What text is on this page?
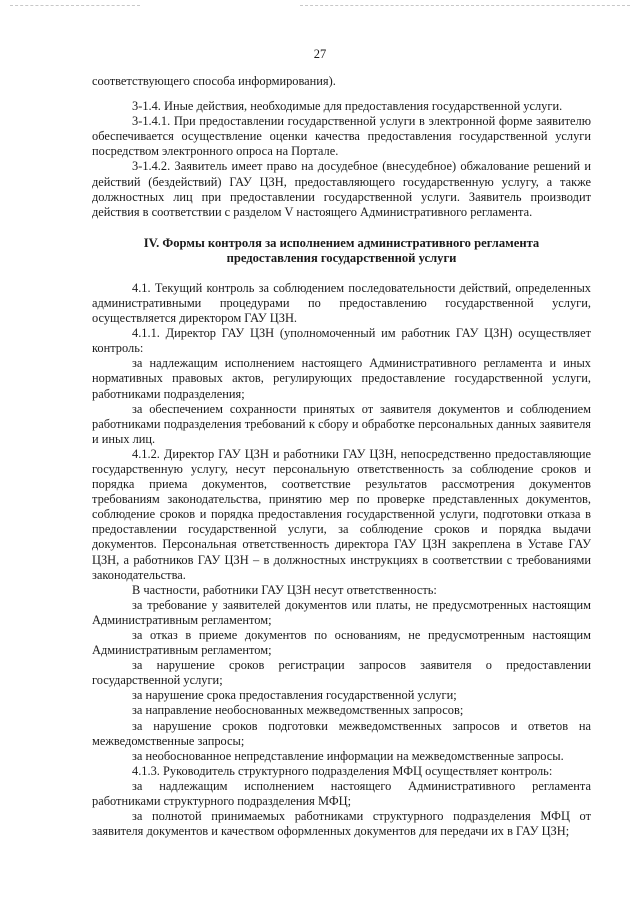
27

соответствующего способа информирования).

3-1.4. Иные действия, необходимые для предоставления государственной услуги.

3-1.4.1. При предоставлении государственной услуги в электронной форме заявителю обеспечивается осуществление оценки качества предоставления государственной услуги посредством электронного опроса на Портале.

3-1.4.2. Заявитель имеет право на досудебное (внесудебное) обжалование решений и действий (бездействий) ГАУ ЦЗН, предоставляющего государственную услугу, а также должностных лиц при предоставлении государственной услуги. Заявитель производит действия в соответствии с разделом V настоящего Административного регламента.

IV. Формы контроля за исполнением административного регламента предоставления государственной услуги

4.1. Текущий контроль за соблюдением последовательности действий, определенных административными процедурами по предоставлению государственной услуги, осуществляется директором ГАУ ЦЗН.

4.1.1. Директор ГАУ ЦЗН (уполномоченный им работник ГАУ ЦЗН) осуществляет контроль:

за надлежащим исполнением настоящего Административного регламента и иных нормативных правовых актов, регулирующих предоставление государственной услуги, работниками подразделения;

за обеспечением сохранности принятых от заявителя документов и соблюдением работниками подразделения требований к сбору и обработке персональных данных заявителя и иных лиц.

4.1.2. Директор ГАУ ЦЗН и работники ГАУ ЦЗН, непосредственно предоставляющие государственную услугу, несут персональную ответственность за соблюдение сроков и порядка приема документов, соответствие результатов рассмотрения документов требованиям законодательства, принятию мер по проверке представленных документов, соблюдение сроков и порядка предоставления государственной услуги, подготовки отказа в предоставлении государственной услуги, за соблюдение сроков и порядка выдачи документов. Персональная ответственность директора ГАУ ЦЗН закреплена в Уставе ГАУ ЦЗН, а работников ГАУ ЦЗН – в должностных инструкциях в соответствии с требованиями законодательства.

В частности, работники ГАУ ЦЗН несут ответственность:

за требование у заявителей документов или платы, не предусмотренных настоящим Административным регламентом;

за отказ в приеме документов по основаниям, не предусмотренным настоящим Административным регламентом;

за нарушение сроков регистрации запросов заявителя о предоставлении государственной услуги;

за нарушение срока предоставления государственной услуги;

за направление необоснованных межведомственных запросов;

за нарушение сроков подготовки межведомственных запросов и ответов на межведомственные запросы;

за необоснованное непредставление информации на межведомственные запросы.

4.1.3. Руководитель структурного подразделения МФЦ осуществляет контроль:

за надлежащим исполнением настоящего Административного регламента работниками структурного подразделения МФЦ;

за полнотой принимаемых работниками структурного подразделения МФЦ от заявителя документов и качеством оформленных документов для передачи их в ГАУ ЦЗН;
